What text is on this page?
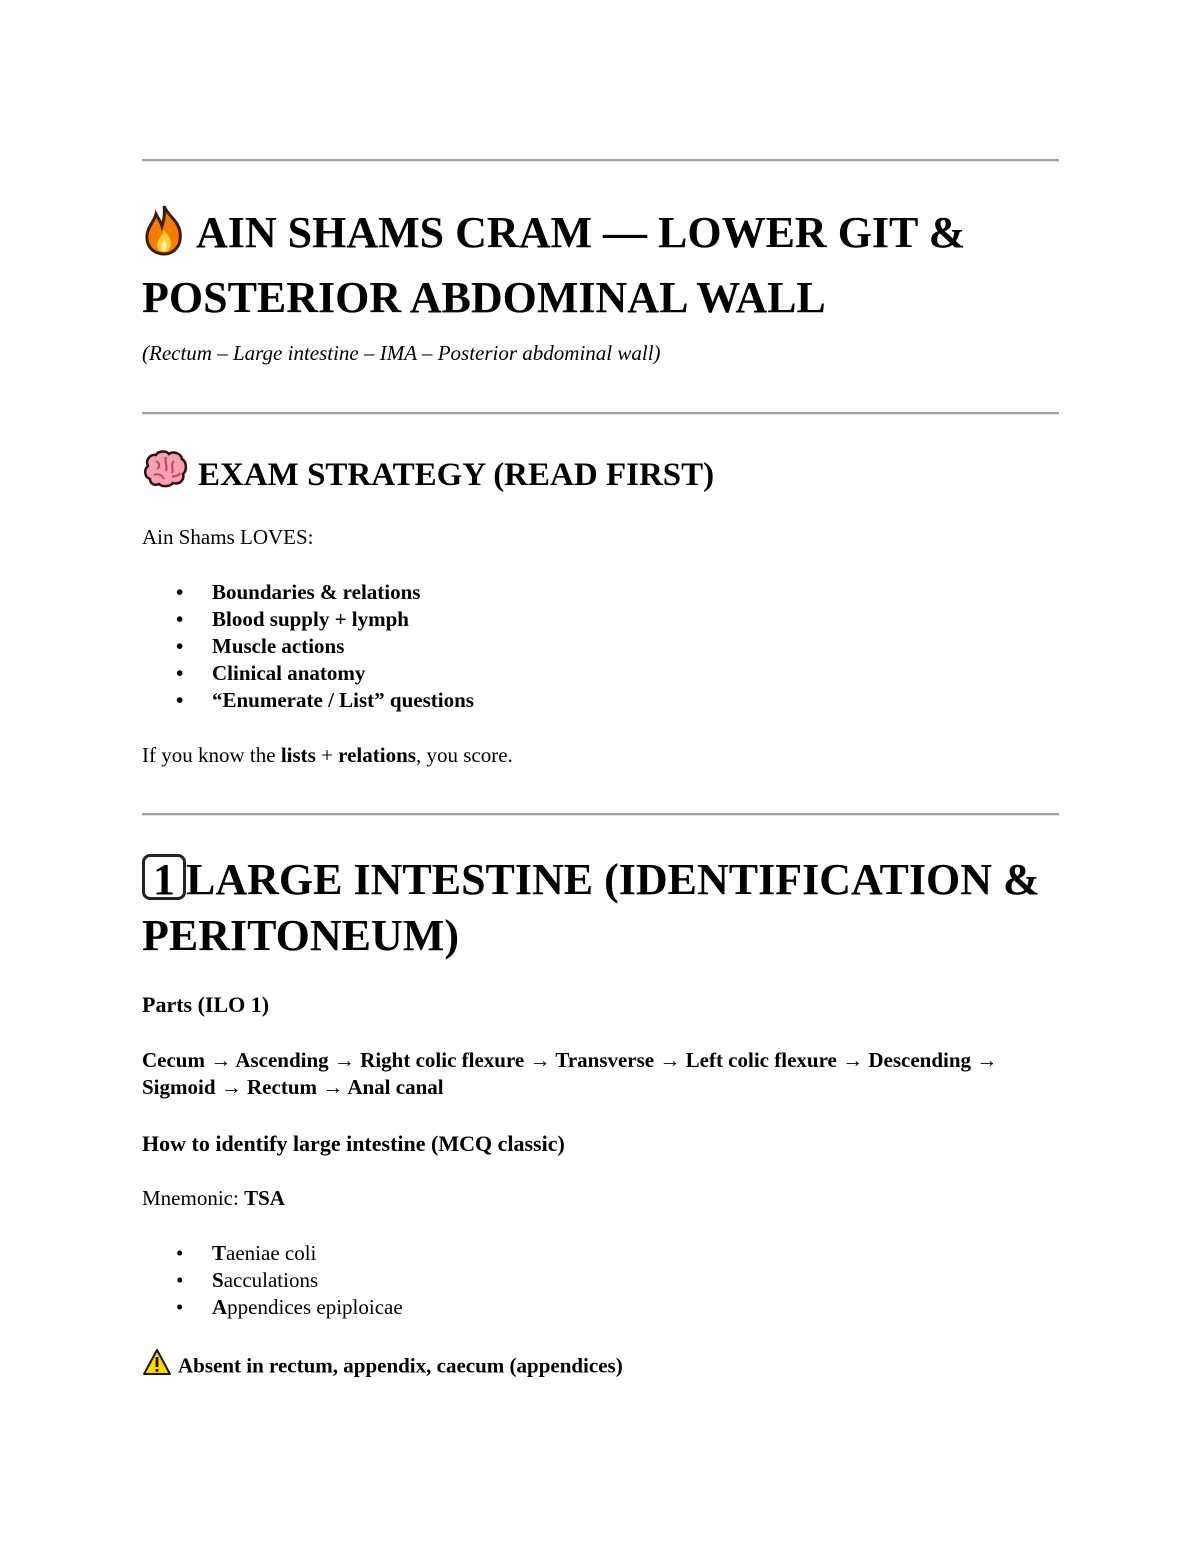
AIN SHAMS CRAM — LOWER GIT & POSTERIOR ABDOMINAL WALL

(Rectum – Large intestine – IMA – Posterior abdominal wall)

EXAM STRATEGY (READ FIRST)

Ain Shams LOVES:

• Boundaries & relations
• Blood supply + lymph
• Muscle actions
• Clinical anatomy
• “Enumerate / List” questions

If you know the lists + relations, you score.

1 LARGE INTESTINE (IDENTIFICATION & PERITONEUM)
Parts (ILO 1)

Cecum → Ascending → Right colic flexure → Transverse → Left colic flexure → Descending → Sigmoid → Rectum → Anal canal

How to identify large intestine (MCQ classic)

Mnemonic: TSA

• Taeniae coli
• Sacculations
• Appendices epiploicae

Absent in rectum, appendix, caecum (appendices)
